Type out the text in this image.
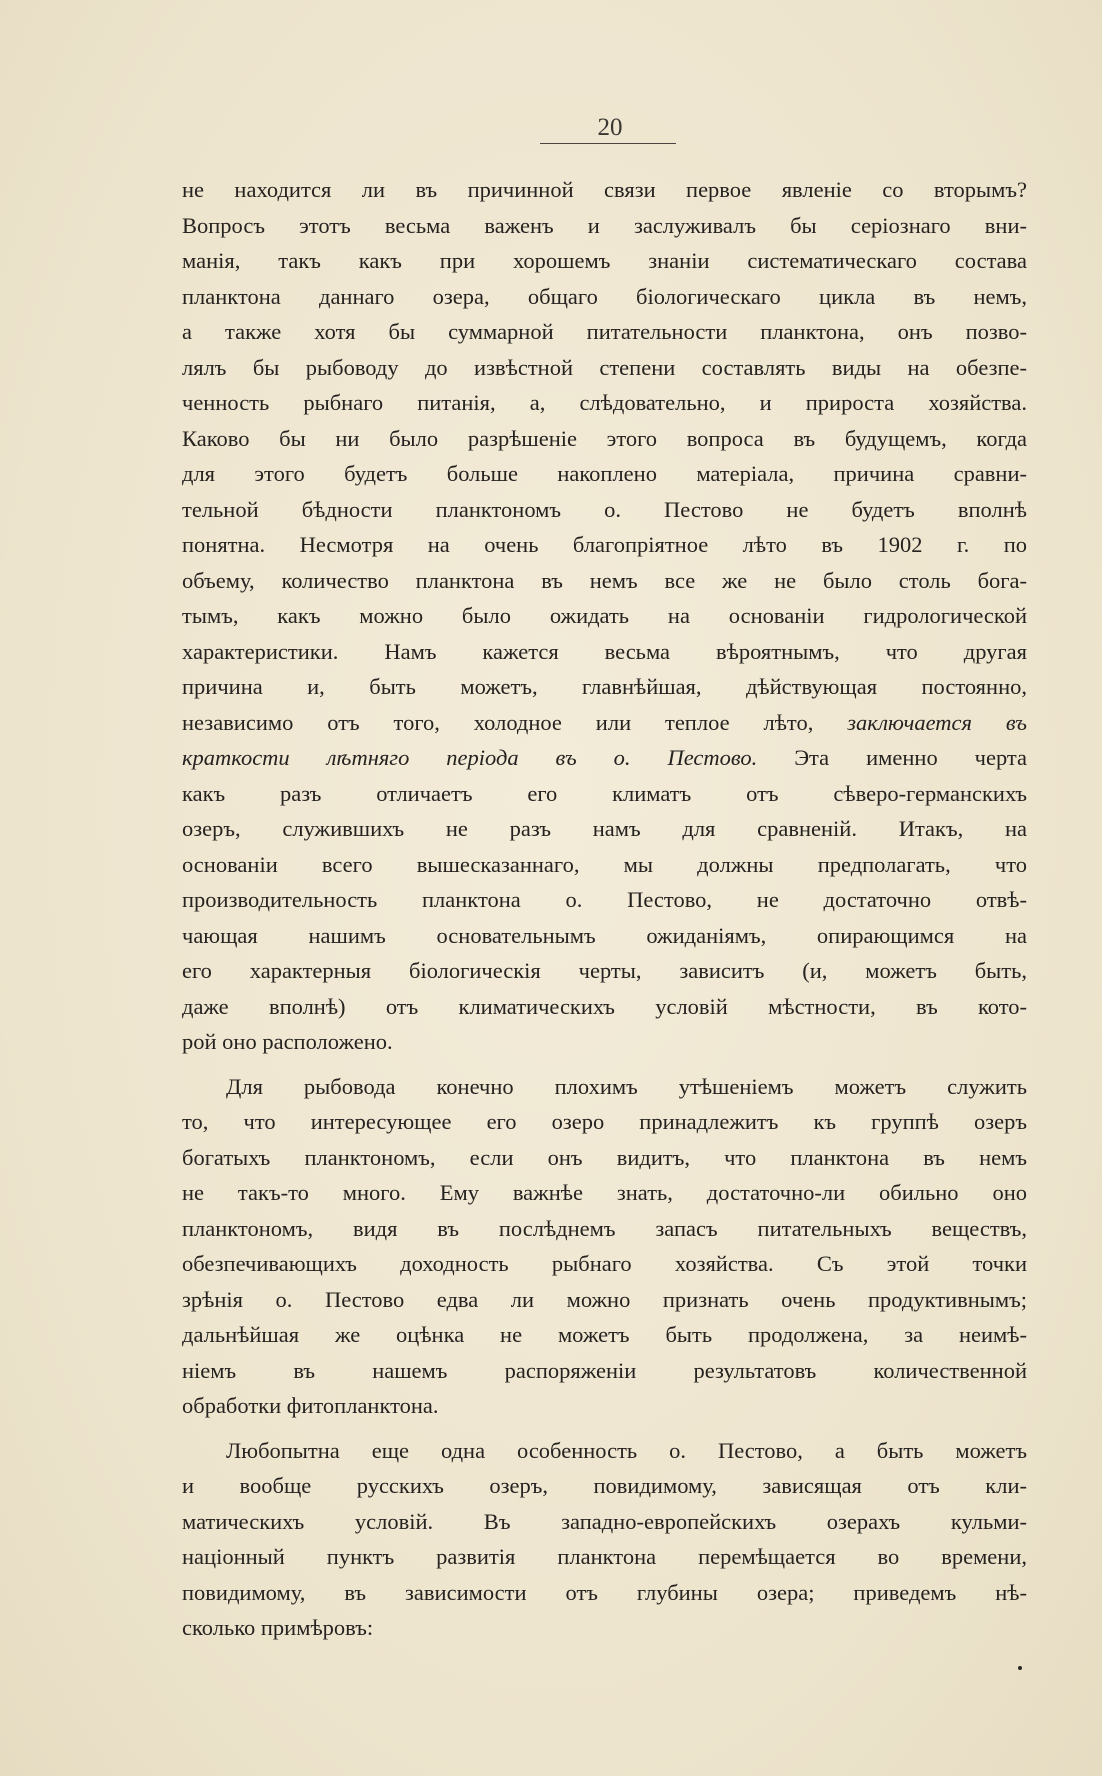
20
не находится ли въ причинной связи первое явленіе со вторымъ?
Вопросъ этотъ весьма важенъ и заслуживалъ бы серіознаго вни-
манія, такъ какъ при хорошемъ знаніи систематическаго состава
планктона даннаго озера, общаго біологическаго цикла въ немъ,
а также хотя бы суммарной питательности планктона, онъ позво-
лялъ бы рыбоводу до извѣстной степени составлять виды на обезпе-
ченность рыбнаго питанія, а, слѣдовательно, и прироста хозяйства.
Каково бы ни было разрѣшеніе этого вопроса въ будущемъ, когда
для этого будетъ больше накоплено матеріала, причина сравни-
тельной бѣдности планктономъ о. Пестово не будетъ вполнѣ
понятна. Несмотря на очень благопріятное лѣто въ 1902 г. по
объему, количество планктона въ немъ все же не было столь бога-
тымъ, какъ можно было ожидать на основаніи гидрологической
характеристики. Намъ кажется весьма вѣроятнымъ, что другая
причина и, быть можетъ, главнѣйшая, дѣйствующая постоянно,
независимо отъ того, холодное или теплое лѣто, заключается въ
краткости лѣтняго періода въ о. Пестово. Эта именно черта
какъ разъ отличаетъ его климатъ отъ сѣверо-германскихъ
озеръ, служившихъ не разъ намъ для сравненій. Итакъ, на
основаніи всего вышесказаннаго, мы должны предполагать, что
производительность планктона о. Пестово, не достаточно отвѣ-
чающая нашимъ основательнымъ ожиданіямъ, опирающимся на
его характерныя біологическія черты, зависитъ (и, можетъ быть,
даже вполнѣ) отъ климатическихъ условій мѣстности, въ кото-
рой оно расположено.
Для рыбовода конечно плохимъ утѣшеніемъ можетъ служить
то, что интересующее его озеро принадлежитъ къ группѣ озеръ
богатыхъ планктономъ, если онъ видитъ, что планктона въ немъ
не такъ-то много. Ему важнѣе знать, достаточно-ли обильно оно
планктономъ, видя въ послѣднемъ запасъ питательныхъ веществъ,
обезпечивающихъ доходность рыбнаго хозяйства. Съ этой точки
зрѣнія о. Пестово едва ли можно признать очень продуктивнымъ;
дальнѣйшая же оцѣнка не можетъ быть продолжена, за неимѣ-
ніемъ въ нашемъ распоряженіи результатовъ количественной
обработки фитопланктона.
Любопытна еще одна особенность о. Пестово, а быть можетъ
и вообще русскихъ озеръ, повидимому, зависящая отъ кли-
матическихъ условій. Въ западно-европейскихъ озерахъ кульми-
націонный пунктъ развитія планктона перемѣщается во времени,
повидимому, въ зависимости отъ глубины озера; приведемъ нѣ-
сколько примѣровъ:
